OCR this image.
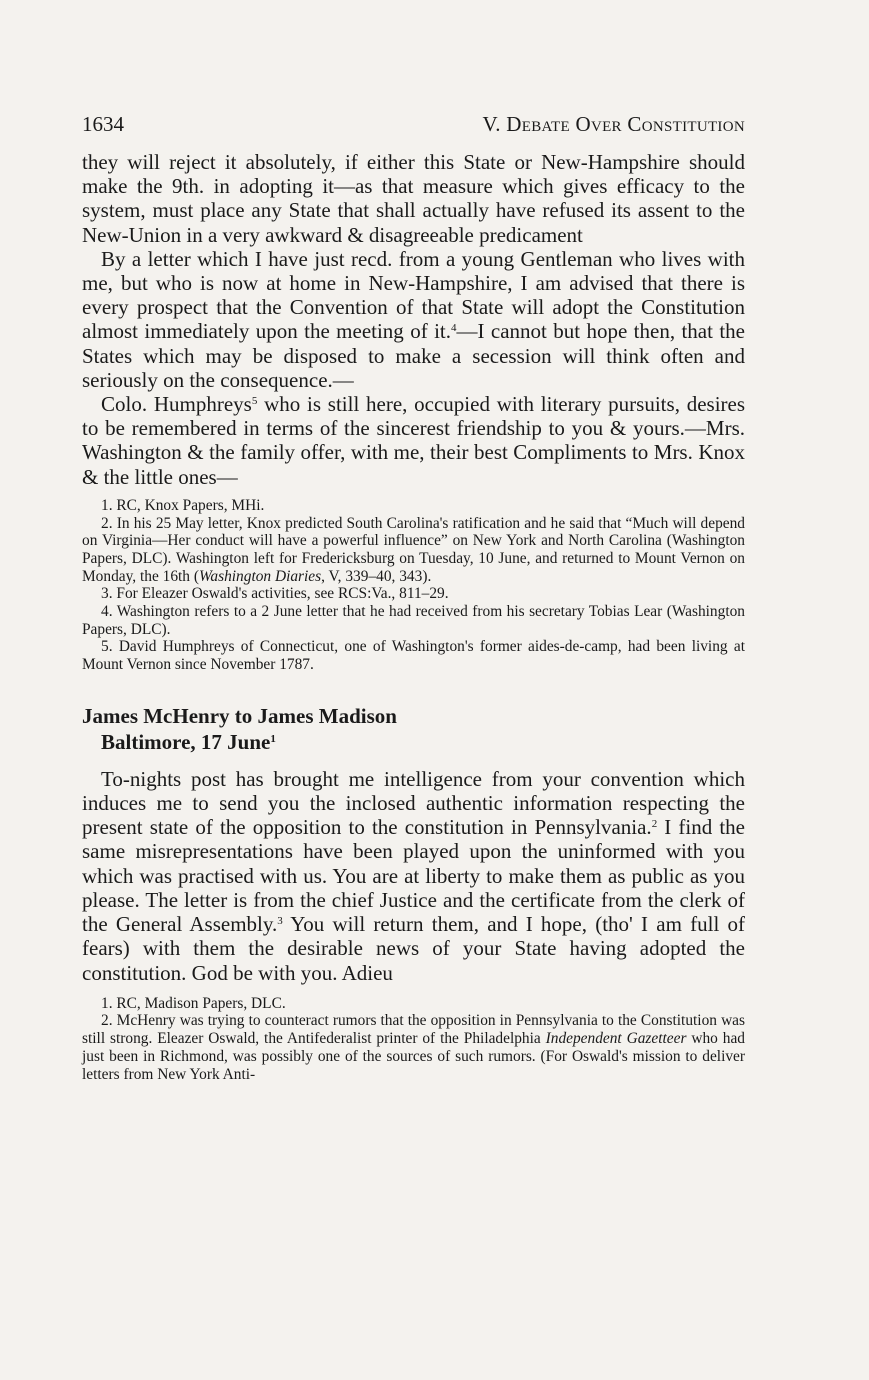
1634	V. Debate Over Constitution

they will reject it absolutely, if either this State or New-Hampshire should make the 9th. in adopting it—as that measure which gives efficacy to the system, must place any State that shall actually have refused its assent to the New-Union in a very awkward & disagreeable predicament

By a letter which I have just recd. from a young Gentleman who lives with me, but who is now at home in New-Hampshire, I am advised that there is every prospect that the Convention of that State will adopt the Constitution almost immediately upon the meeting of it.$^4$—I cannot but hope then, that the States which may be disposed to make a secession will think often and seriously on the consequence.—

Colo. Humphreys$^5$ who is still here, occupied with literary pursuits, desires to be remembered in terms of the sincerest friendship to you & yours.—Mrs. Washington & the family offer, with me, their best Compliments to Mrs. Knox & the little ones—

1. RC, Knox Papers, MHi.

2. In his 25 May letter, Knox predicted South Carolina's ratification and he said that “Much will depend on Virginia—Her conduct will have a powerful influence” on New York and North Carolina (Washington Papers, DLC). Washington left for Fredericksburg on Tuesday, 10 June, and returned to Mount Vernon on Monday, the 16th (Washington Diaries, V, 339–40, 343).

3. For Eleazer Oswald's activities, see RCS:Va., 811–29.

4. Washington refers to a 2 June letter that he had received from his secretary Tobias Lear (Washington Papers, DLC).

5. David Humphreys of Connecticut, one of Washington's former aides-de-camp, had been living at Mount Vernon since November 1787.

James McHenry to James Madison
Baltimore, 17 June$^1$

To-nights post has brought me intelligence from your convention which induces me to send you the inclosed authentic information respecting the present state of the opposition to the constitution in Pennsylvania.$^2$ I find the same misrepresentations have been played upon the uninformed with you which was practised with us. You are at liberty to make them as public as you please. The letter is from the chief Justice and the certificate from the clerk of the General Assembly.$^3$ You will return them, and I hope, (tho' I am full of fears) with them the desirable news of your State having adopted the constitution. God be with you. Adieu

1. RC, Madison Papers, DLC.

2. McHenry was trying to counteract rumors that the opposition in Pennsylvania to the Constitution was still strong. Eleazer Oswald, the Antifederalist printer of the Philadelphia Independent Gazetteer who had just been in Richmond, was possibly one of the sources of such rumors. (For Oswald's mission to deliver letters from New York Anti-
